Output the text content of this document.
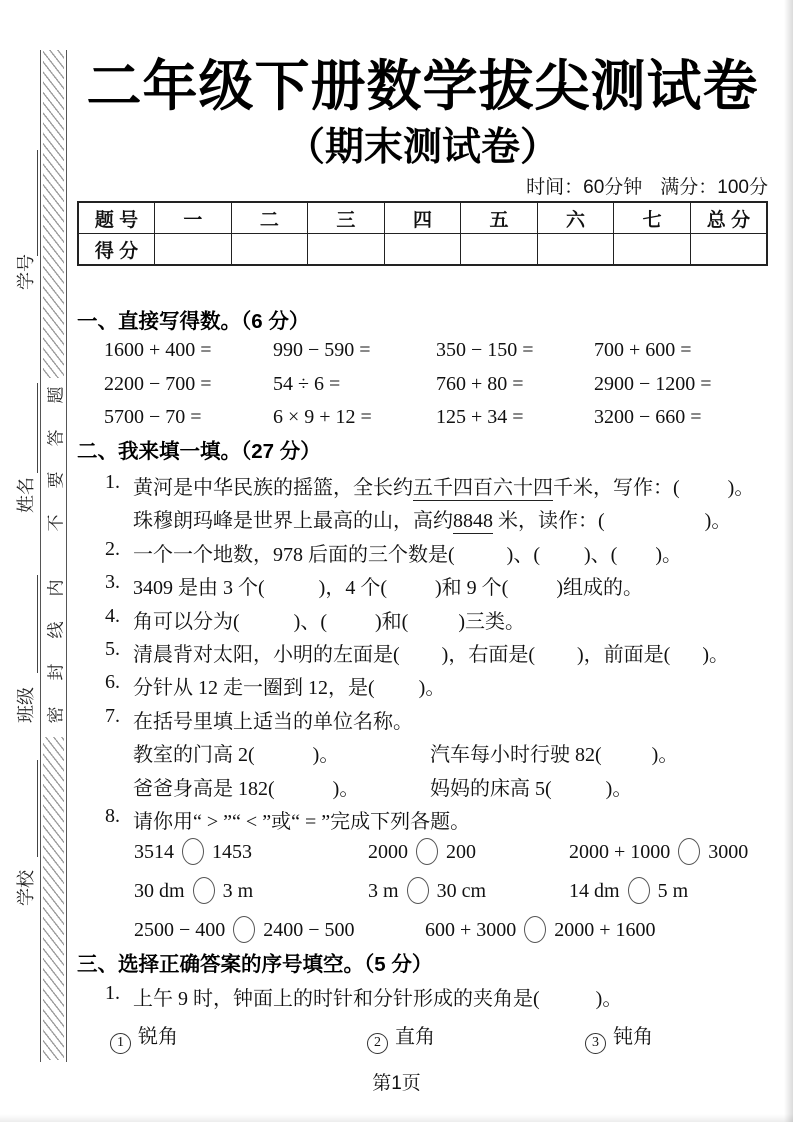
学号
姓名
班级
学校
题
答
要
不
内
线
封
密
二年级下册数学拔尖测试卷
（期末测试卷）
时间：60分钟 满分：100分
题 号	一	二	三	四	五	六	七	总 分
得 分								
一、直接写得数。（6 分）
1600 + 400 =	990 − 590 =	350 − 150 =	700 + 600 =
2200 − 700 =	54 ÷ 6 =	760 + 80 =	2900 − 1200 =
5700 − 70 =	6 × 9 + 12 =	125 + 34 =	3200 − 660 =
二、我来填一填。（27 分）
1. 黄河是中华民族的摇篮，全长约五千四百六十四千米，写作：( )。
珠穆朗玛峰是世界上最高的山，高约8848 米，读作：(	)。
2. 一个一个地数，978 后面的三个数是(	)、( )、( )。
3. 3409 是由 3 个(	)，4 个( )和 9 个( )组成的。
4. 角可以分为(	)、( )和(	)三类。
5. 清晨背对太阳，小明的左面是( )，右面是( )，前面是( )。
6. 分针从 12 走一圈到 12，是( )。
7. 在括号里填上适当的单位名称。
教室的门高 2(	)。	汽车每小时行驶 82(	)。
爸爸身高是 182(	)。	妈妈的床高 5(	)。
8. 请你用“ > ”“ < ”或“ = ”完成下列各题。
3514  1453	2000  200	2000 + 1000  3000
30 dm  3 m	3 m  30 cm	14 dm  5 m
2500 − 400  2400 − 500	600 + 3000  2000 + 1600
三、选择正确答案的序号填空。（5 分）
1. 上午 9 时，钟面上的时针和分针形成的夹角是(	)。
1 锐角	2 直角	3 钝角
第1页
